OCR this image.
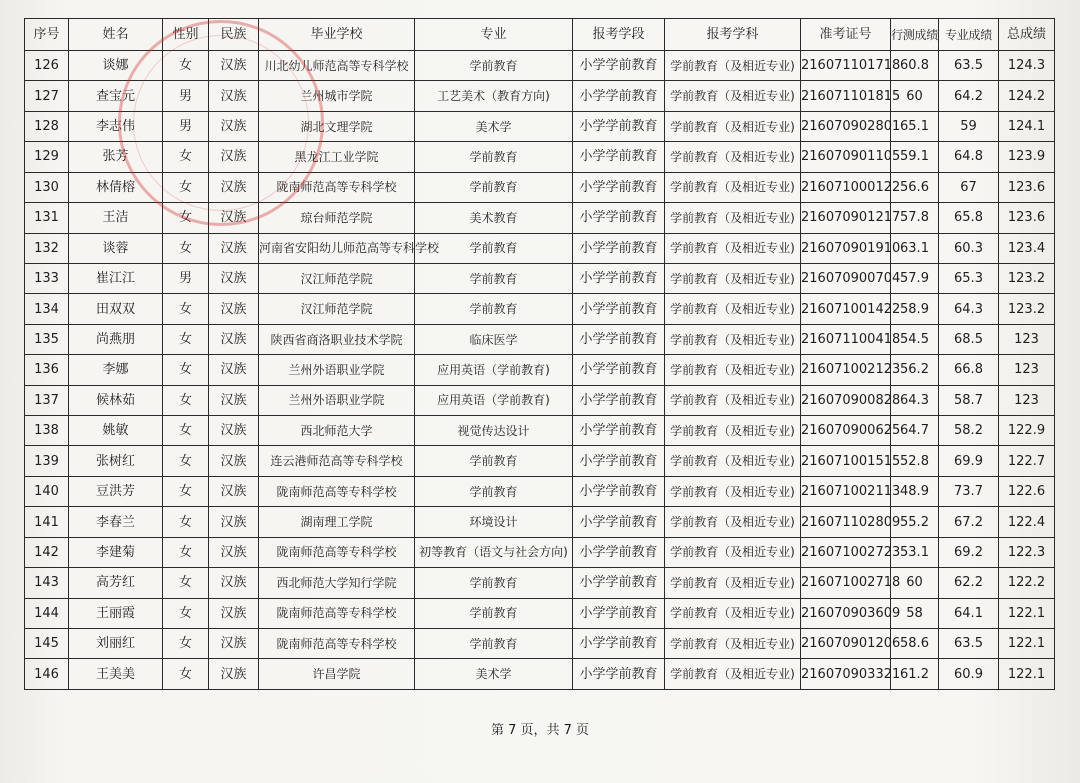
序号	姓名	性别	民族	毕业学校	专业	报考学段	报考学科	准考证号	行测成绩	专业成绩	总成绩
126	谈娜	女	汉族	川北幼儿师范高等专科学校	学前教育	小学学前教育	学前教育（及相近专业)	216071101718	60.8	63.5	124.3
127	查宝元	男	汉族	兰州城市学院	工艺美术（教育方向)	小学学前教育	学前教育（及相近专业)	216071101815	60	64.2	124.2
128	李志伟	男	汉族	湖北文理学院	美术学	小学学前教育	学前教育（及相近专业)	216070902801	65.1	59	124.1
129	张芳	女	汉族	黑龙江工业学院	学前教育	小学学前教育	学前教育（及相近专业)	216070901105	59.1	64.8	123.9
130	林倩榕	女	汉族	陇南师范高等专科学校	学前教育	小学学前教育	学前教育（及相近专业)	216071000122	56.6	67	123.6
131	王洁	女	汉族	琼台师范学院	美术教育	小学学前教育	学前教育（及相近专业)	216070901217	57.8	65.8	123.6
132	谈蓉	女	汉族	河南省安阳幼儿师范高等专科学校	学前教育	小学学前教育	学前教育（及相近专业)	216070901910	63.1	60.3	123.4
133	崔江江	男	汉族	汉江师范学院	学前教育	小学学前教育	学前教育（及相近专业)	216070900704	57.9	65.3	123.2
134	田双双	女	汉族	汉江师范学院	学前教育	小学学前教育	学前教育（及相近专业)	216071001422	58.9	64.3	123.2
135	尚燕朋	女	汉族	陕西省商洛职业技术学院	临床医学	小学学前教育	学前教育（及相近专业)	216071100418	54.5	68.5	123
136	李娜	女	汉族	兰州外语职业学院	应用英语（学前教育)	小学学前教育	学前教育（及相近专业)	216071002123	56.2	66.8	123
137	候林茹	女	汉族	兰州外语职业学院	应用英语（学前教育)	小学学前教育	学前教育（及相近专业)	216070900828	64.3	58.7	123
138	姚敏	女	汉族	西北师范大学	视觉传达设计	小学学前教育	学前教育（及相近专业)	216070900625	64.7	58.2	122.9
139	张树红	女	汉族	连云港师范高等专科学校	学前教育	小学学前教育	学前教育（及相近专业)	216071001515	52.8	69.9	122.7
140	豆洪芳	女	汉族	陇南师范高等专科学校	学前教育	小学学前教育	学前教育（及相近专业)	216071002113	48.9	73.7	122.6
141	李春兰	女	汉族	湖南理工学院	环境设计	小学学前教育	学前教育（及相近专业)	216071102809	55.2	67.2	122.4
142	李建菊	女	汉族	陇南师范高等专科学校	初等教育（语文与社会方向)	小学学前教育	学前教育（及相近专业)	216071002723	53.1	69.2	122.3
143	高芳红	女	汉族	西北师范大学知行学院	学前教育	小学学前教育	学前教育（及相近专业)	216071002718	60	62.2	122.2
144	王丽霞	女	汉族	陇南师范高等专科学校	学前教育	小学学前教育	学前教育（及相近专业)	216070903609	58	64.1	122.1
145	刘丽红	女	汉族	陇南师范高等专科学校	学前教育	小学学前教育	学前教育（及相近专业)	216070901206	58.6	63.5	122.1
146	王美美	女	汉族	许昌学院	美术学	小学学前教育	学前教育（及相近专业)	216070903321	61.2	60.9	122.1
第 7 页，共 7 页
